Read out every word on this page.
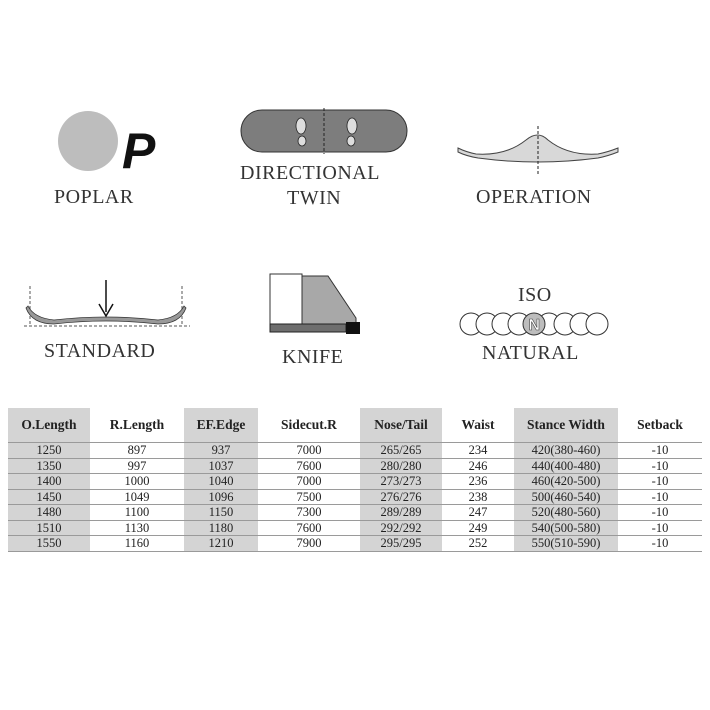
P
POPLAR
DIRECTIONAL
TWIN	OPERATION
STANDARD	KNIFE
ISO
N
NATURAL
O.Length	R.Length	EF.Edge	Sidecut.R	Nose/Tail	Waist	Stance Width	Setback
1250	897	937	7000	265/265	234	420(380-460)	-10
1350	997	1037	7600	280/280	246	440(400-480)	-10
1400	1000	1040	7000	273/273	236	460(420-500)	-10
1450	1049	1096	7500	276/276	238	500(460-540)	-10
1480	1100	1150	7300	289/289	247	520(480-560)	-10
1510	1130	1180	7600	292/292	249	540(500-580)	-10
1550	1160	1210	7900	295/295	252	550(510-590)	-10
